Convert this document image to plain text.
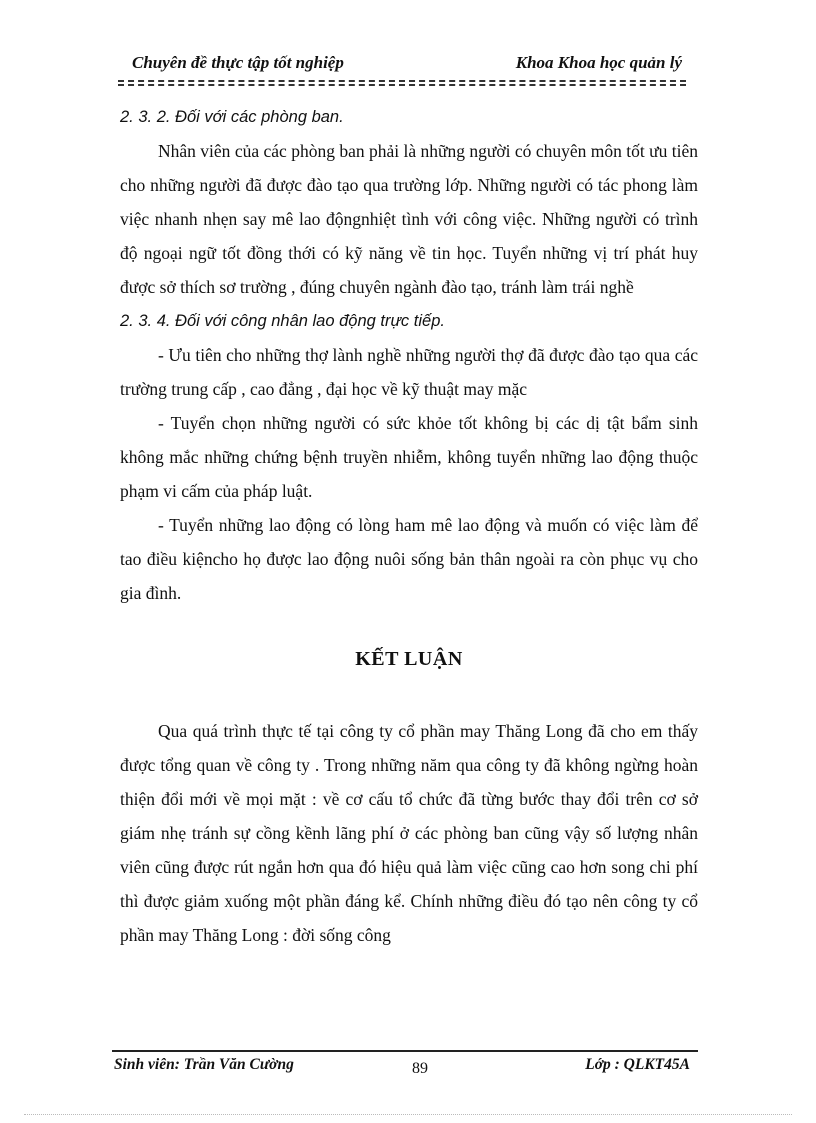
Chuyên đề thực tập tốt nghiệp	Khoa Khoa học quản lý

2. 3. 2. Đối với các phòng ban.

Nhân viên của các phòng ban phải là những người có chuyên môn tốt ưu tiên cho những người đã được đào tạo qua trường lớp. Những người có tác phong làm việc nhanh nhẹn say mê lao độngnhiệt tình với công việc. Những người có trình độ ngoại ngữ tốt đồng thới có kỹ năng về tin học. Tuyển những vị trí phát huy được sở thích sơ trường , đúng chuyên ngành đào tạo, tránh làm trái nghề

2. 3. 4. Đối với công nhân lao động trực tiếp.

- Ưu tiên cho những thợ lành nghề những người thợ đã được đào tạo qua các trường trung cấp , cao đẳng , đại học về kỹ thuật may mặc

- Tuyển chọn những người có sức khỏe tốt không bị các dị tật bẩm sinh không mắc những chứng bệnh truyền nhiễm, không tuyển những lao động thuộc phạm vi cấm của pháp luật.

- Tuyển những lao động có lòng ham mê lao động và muốn có việc làm để tao điều kiệncho họ được lao động nuôi sống bản thân ngoài ra còn phục vụ cho gia đình.

KẾT LUẬN

Qua quá trình thực tế tại công ty cổ phần may Thăng Long đã cho em thấy được tổng quan về công ty . Trong những năm qua công ty đã không ngừng hoàn thiện đổi mới về mọi mặt : về cơ cấu tổ chức đã từng bước thay đổi trên cơ sở giám nhẹ tránh sự cồng kềnh lãng phí ở các phòng ban cũng vậy số lượng nhân viên cũng được rút ngắn hơn qua đó hiệu quả làm việc cũng cao hơn song chi phí thì được giảm xuống một phần đáng kể. Chính những điều đó tạo nên công ty cổ phần may Thăng Long : đời sống công

Sinh viên: Trần Văn Cường	89	Lớp : QLKT45A
